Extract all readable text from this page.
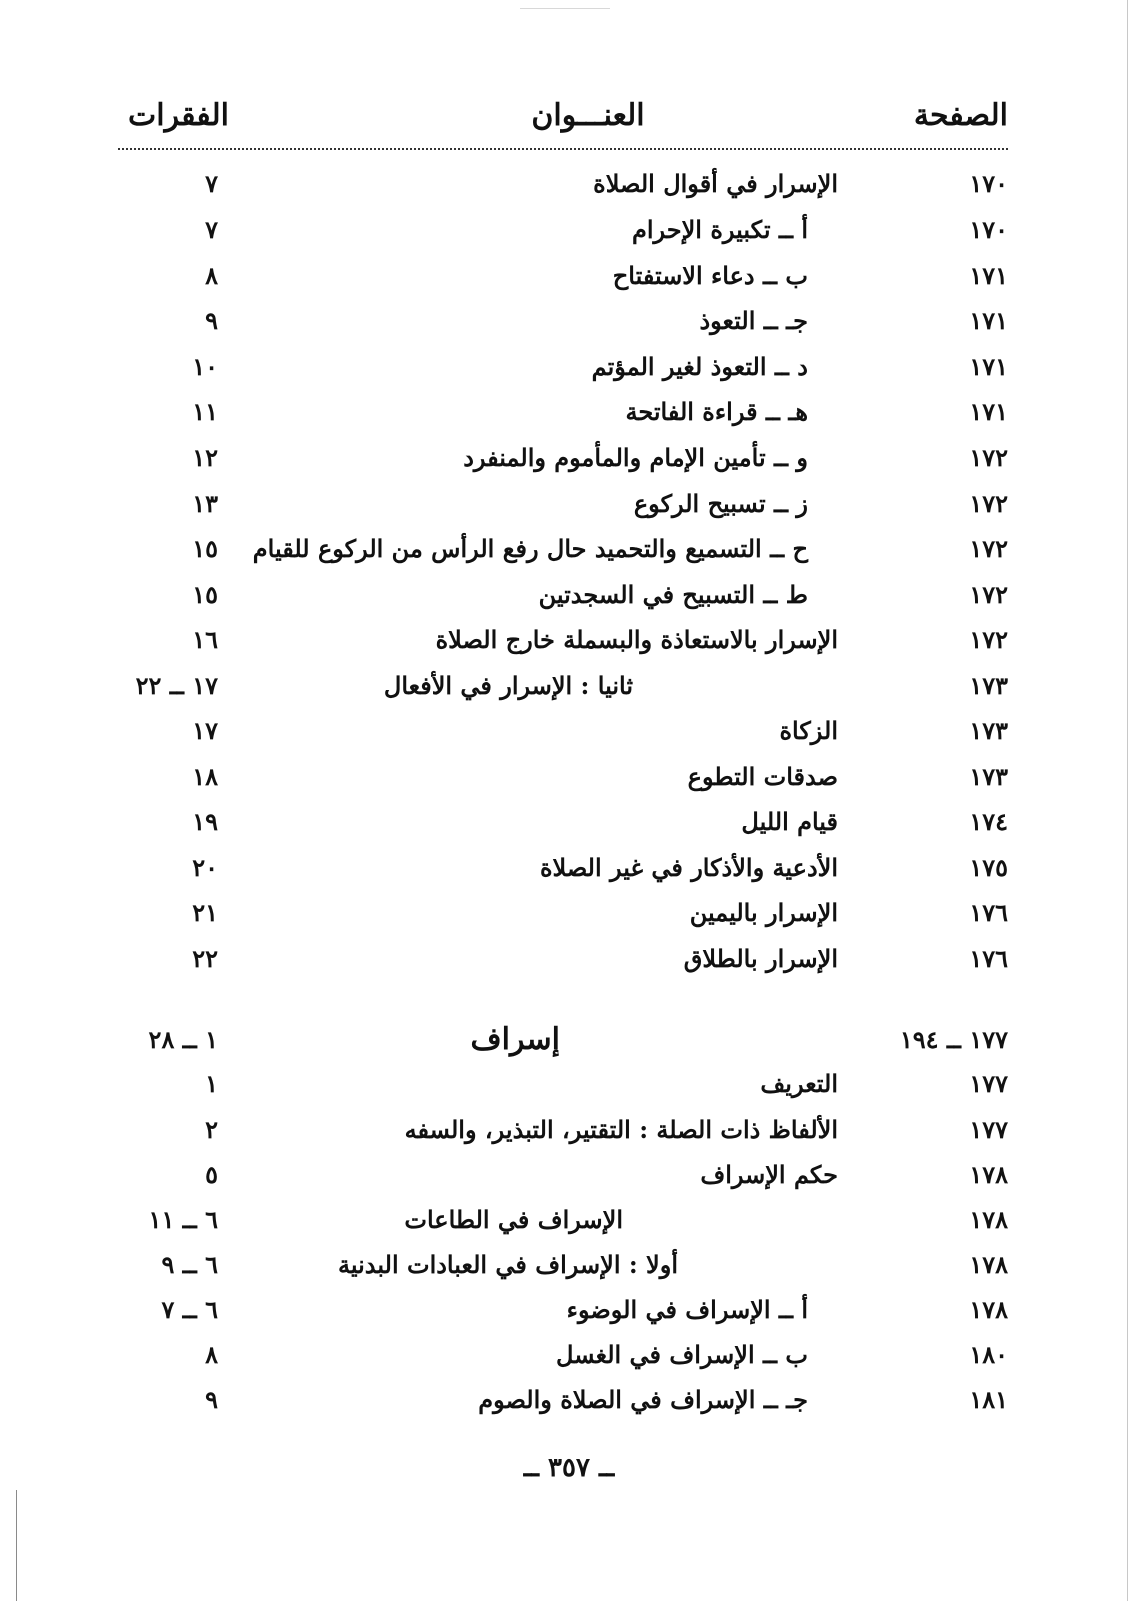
الصفحة
العنـــوان
الفقرات
١٧٠
الإسرار في أقوال الصلاة
٧
١٧٠
أ ــ تكبيرة الإحرام
٧
١٧١
ب ــ دعاء الاستفتاح
٨
١٧١
جـ ــ التعوذ
٩
١٧١
د ــ التعوذ لغير المؤتم
١٠
١٧١
هـ ــ قراءة الفاتحة
١١
١٧٢
و ــ تأمين الإمام والمأموم والمنفرد
١٢
١٧٢
ز ــ تسبيح الركوع
١٣
١٧٢
ح ــ التسميع والتحميد حال رفع الرأس من الركوع للقيام
١٥
١٧٢
ط ــ التسبيح في السجدتين
١٥
١٧٢
الإسرار بالاستعاذة والبسملة خارج الصلاة
١٦
١٧٣
ثانيا : الإسرار في الأفعال
١٧ ــ ٢٢
١٧٣
الزكاة
١٧
١٧٣
صدقات التطوع
١٨
١٧٤
قيام الليل
١٩
١٧٥
الأدعية والأذكار في غير الصلاة
٢٠
١٧٦
الإسرار باليمين
٢١
١٧٦
الإسرار بالطلاق
٢٢
١٧٧ ــ ١٩٤
إسراف
١ ــ ٢٨
١٧٧
التعريف
١
١٧٧
الألفاظ ذات الصلة : التقتير، التبذير، والسفه
٢
١٧٨
حكم الإسراف
٥
١٧٨
الإسراف في الطاعات
٦ ــ ١١
١٧٨
أولا : الإسراف في العبادات البدنية
٦ ــ ٩
١٧٨
أ ــ الإسراف في الوضوء
٦ ــ ٧
١٨٠
ب ــ الإسراف في الغسل
٨
١٨١
جـ ــ الإسراف في الصلاة والصوم
٩
ــ ٣٥٧ ــ
